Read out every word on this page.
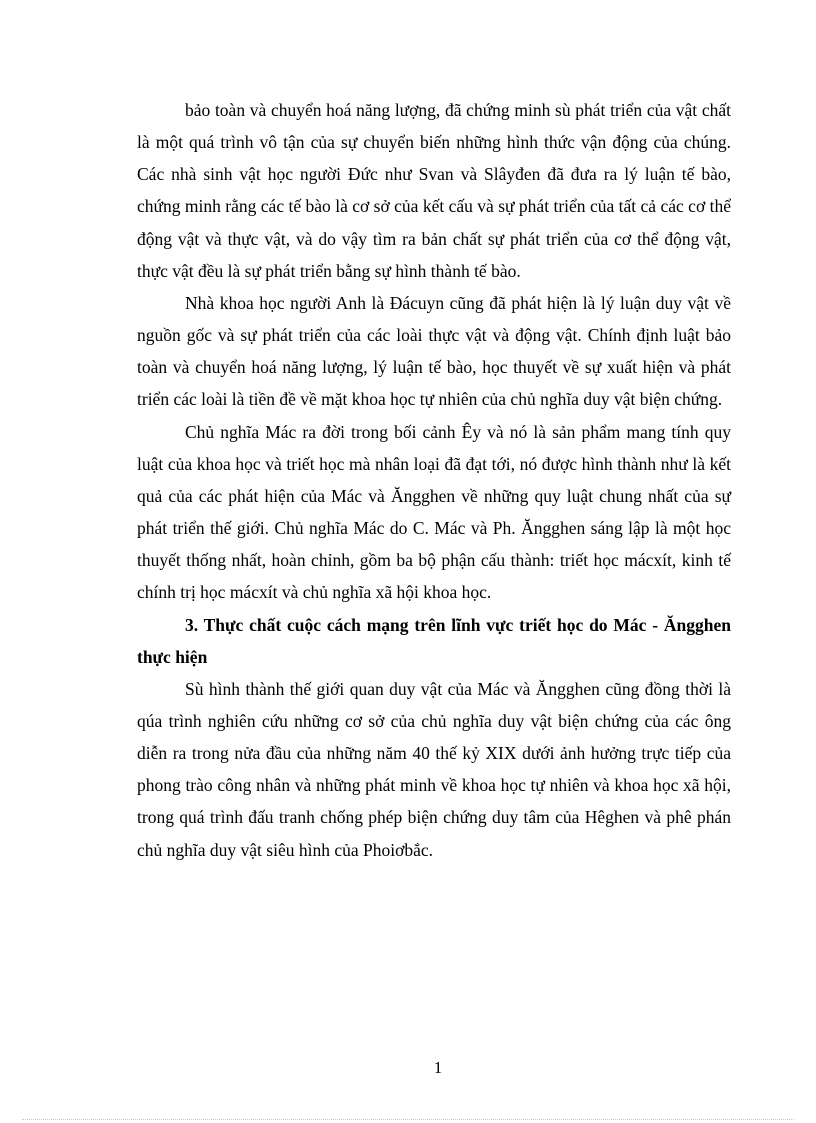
bảo toàn và chuyển hoá năng lượng, đã chứng minh sù phát triển của vật chất là một quá trình vô tận của sự chuyển biến những hình thức vận động của chúng. Các nhà sinh vật học người Đức như Svan và Slâyđen đã đưa ra lý luận tế bào, chứng minh rằng các tế bào là cơ sở của kết cấu và sự phát triển của tất cả các cơ thể động vật và thực vật, và do vậy tìm ra bản chất sự phát triển của cơ thể động vật, thực vật đều là sự phát triển bằng sự hình thành tế bào.

Nhà khoa học người Anh là Đácuyn cũng đã phát hiện là lý luận duy vật về nguồn gốc và sự phát triển của các loài thực vật và động vật. Chính định luật bảo toàn và chuyển hoá năng lượng, lý luận tế bào, học thuyết về sự xuất hiện và phát triển các loài là tiền đề về mặt khoa học tự nhiên của chủ nghĩa duy vật biện chứng.

Chủ nghĩa Mác ra đời trong bối cảnh Êy và nó là sản phẩm mang tính quy luật của khoa học và triết học mà nhân loại đã đạt tới, nó được hình thành như là kết quả của các phát hiện của Mác và Ăngghen về những quy luật chung nhất của sự phát triển thế giới. Chủ nghĩa Mác do C. Mác và Ph. Ăngghen sáng lập là một học thuyết thống nhất, hoàn chỉnh, gồm ba bộ phận cấu thành: triết học mácxít, kinh tế chính trị học mácxít và chủ nghĩa xã hội khoa học.

3. Thực chất cuộc cách mạng trên lĩnh vực triết học do Mác - Ăngghen thực hiện

Sù hình thành thế giới quan duy vật của Mác và Ăngghen cũng đồng thời là qúa trình nghiên cứu những cơ sở của chủ nghĩa duy vật biện chứng của các ông diễn ra trong nửa đầu của những năm 40 thế kỷ XIX dưới ảnh hưởng trực tiếp của phong trào công nhân và những phát minh về khoa học tự nhiên và khoa học xã hội, trong quá trình đấu tranh chống phép biện chứng duy tâm của Hêghen và phê phán chủ nghĩa duy vật siêu hình của Phoiơbắc.

1
